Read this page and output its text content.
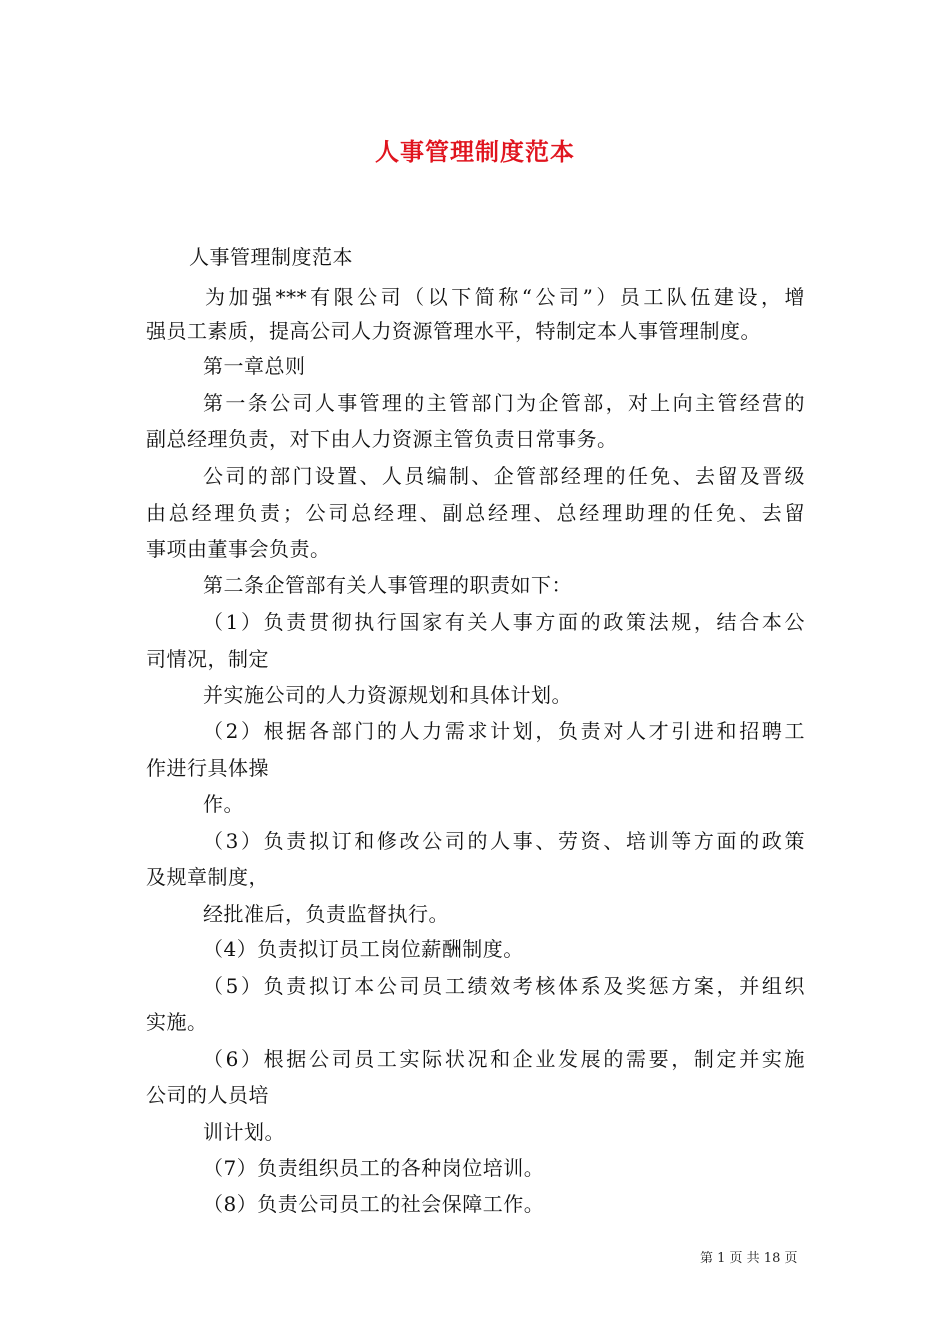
人事管理制度范本
人事管理制度范本
为加强***有限公司（以下简称“公司”）员工队伍建设，增
强员工素质，提高公司人力资源管理水平，特制定本人事管理制度。
第一章总则
第一条公司人事管理的主管部门为企管部，对上向主管经营的
副总经理负责，对下由人力资源主管负责日常事务。
公司的部门设置、人员编制、企管部经理的任免、去留及晋级
由总经理负责；公司总经理、副总经理、总经理助理的任免、去留
事项由董事会负责。
第二条企管部有关人事管理的职责如下：
（1）负责贯彻执行国家有关人事方面的政策法规，结合本公
司情况，制定
并实施公司的人力资源规划和具体计划。
（2）根据各部门的人力需求计划，负责对人才引进和招聘工
作进行具体操
作。
（3）负责拟订和修改公司的人事、劳资、培训等方面的政策
及规章制度，
经批准后，负责监督执行。
（4）负责拟订员工岗位薪酬制度。
（5）负责拟订本公司员工绩效考核体系及奖惩方案，并组织
实施。
（6）根据公司员工实际状况和企业发展的需要，制定并实施
公司的人员培
训计划。
（7）负责组织员工的各种岗位培训。
（8）负责公司员工的社会保障工作。
第 1 页 共 18 页
